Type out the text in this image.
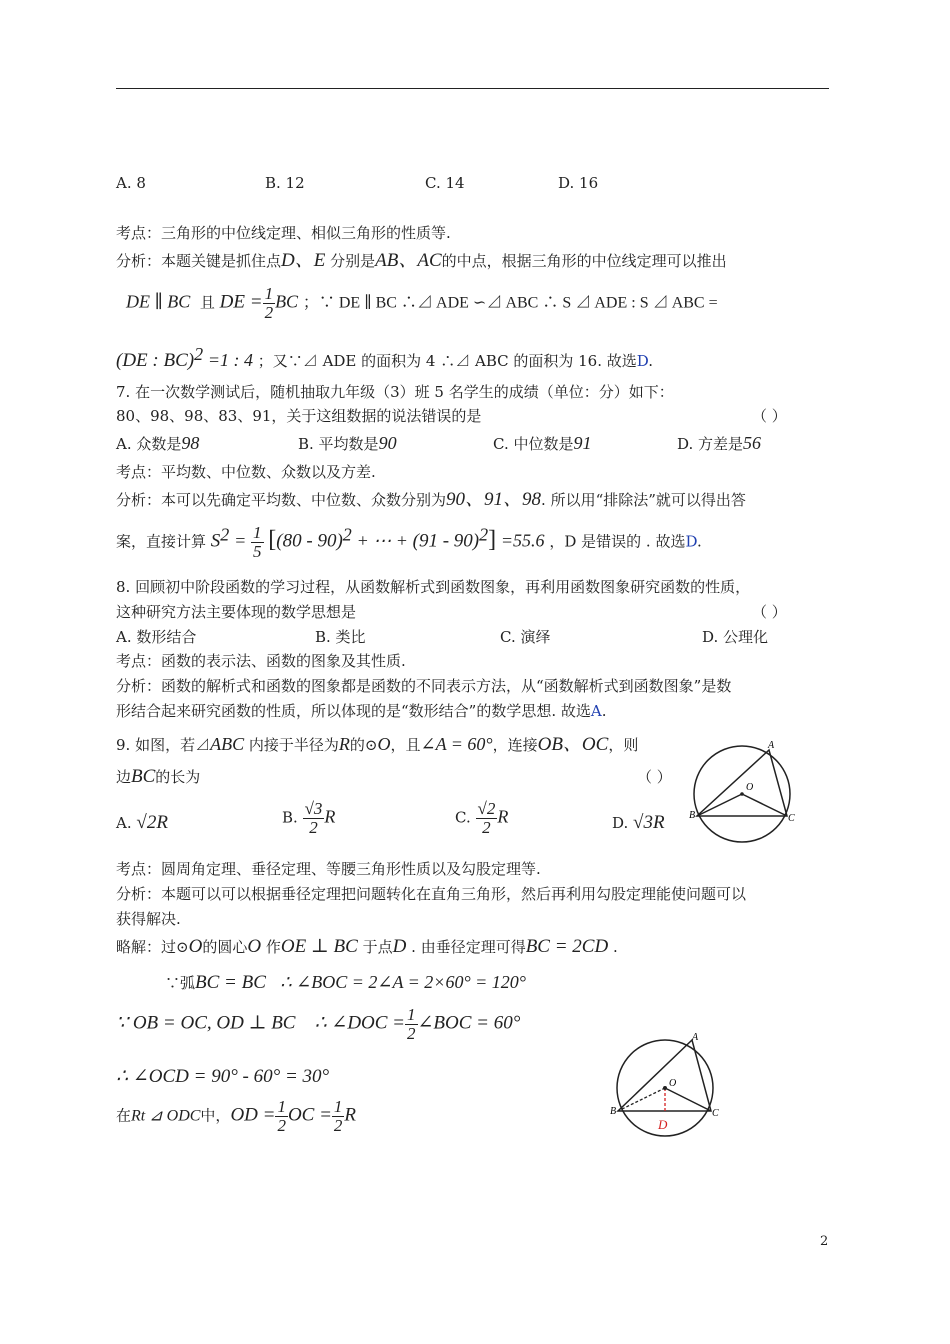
A. 8	B. 12	C. 14	D. 16
考点：三角形的中位线定理、相似三角形的性质等.
分析：本题关键是抓住点D、E 分别是AB、AC的中点，根据三角形的中位线定理可以推出
DE ∥ BC 且 DE = $\frac{1}{2}$ BC ；∵ DE ∥ BC ∴⊿ ADE ∽⊿ ABC ∴ S ⊿ ADE : S ⊿ ABC =
(DE : BC)$^2$ =1 : 4 ；又∵⊿ ADE 的面积为 4 ∴⊿ ABC 的面积为 16. 故选D.
7. 在一次数学测试后，随机抽取九年级（3）班 5 名学生的成绩（单位：分）如下：
80、98、98、83、91，关于这组数据的说法错误的是	（ ）
A. 众数是98	B. 平均数是90	C. 中位数是91	D. 方差是56
考点：平均数、中位数、众数以及方差.
分析：本可以先确定平均数、中位数、众数分别为90、91、98. 所以用“排除法”就可以得出答
案，直接计算 $S^2 = \frac{1}{5} [(80 - 90)^2$ + ⋯ + (91 - 90)$^2$] =55.6 ，D 是错误的 . 故选D.
8. 回顾初中阶段函数的学习过程，从函数解析式到函数图象，再利用函数图象研究函数的性质，
这种研究方法主要体现的数学思想是	（ ）
A. 数形结合	B. 类比	C. 演绎	D. 公理化
考点：函数的表示法、函数的图象及其性质.
分析：函数的解析式和函数的图象都是函数的不同表示方法，从“函数解析式到函数图象”是数
形结合起来研究函数的性质，所以体现的是“数形结合”的数学思想. 故选A.
9. 如图，若⊿ABC 内接于半径为R的⊙O，且∠A = 60°，连接OB、OC，则
边BC的长为	（ ）
A. √2R	B. $\frac{√3}{2}$ R	C. $\frac{√2}{2}$ R	D. √3R
A
O
B	C
考点：圆周角定理、垂径定理、等腰三角形性质以及勾股定理等.
分析：本题可以可以根据垂径定理把问题转化在直角三角形，然后再利用勾股定理能使问题可以
获得解决.
略解：过⊙O的圆心O 作OE ⊥ BC 于点D . 由垂径定理可得BC = 2CD .
∵弧BC = BC ∴ ∠BOC = 2∠A = 2×60° = 120°
∵ OB = OC, OD ⊥ BC ∴ ∠DOC = $\frac{1}{2}$ ∠BOC = 60°
∴ ∠OCD = 90° - 60° = 30°
在Rt ⊿ ODC中，OD = $\frac{1}{2}$ OC = $\frac{1}{2}$ R
A
O
B	C
D
2
